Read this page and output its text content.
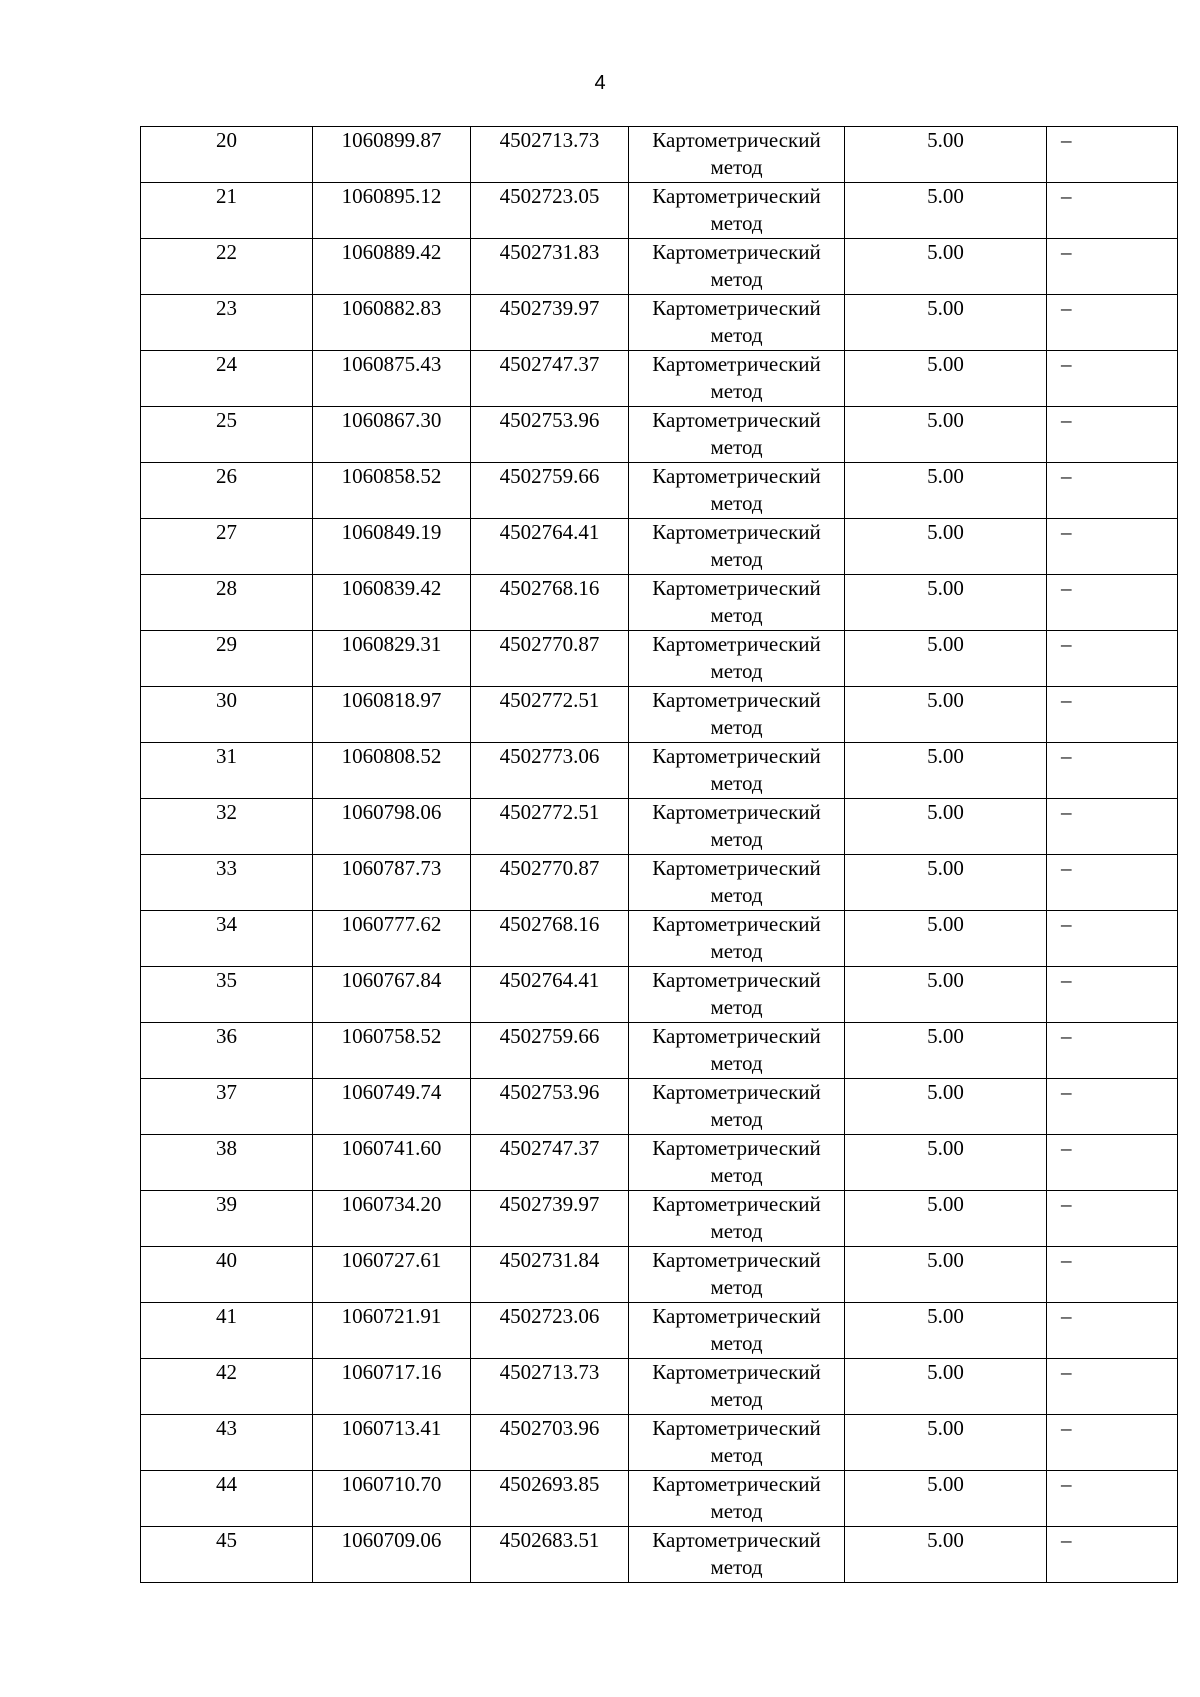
4
20	1060899.87	4502713.73	Картометрический
метод	5.00	–
21	1060895.12	4502723.05	Картометрический
метод	5.00	–
22	1060889.42	4502731.83	Картометрический
метод	5.00	–
23	1060882.83	4502739.97	Картометрический
метод	5.00	–
24	1060875.43	4502747.37	Картометрический
метод	5.00	–
25	1060867.30	4502753.96	Картометрический
метод	5.00	–
26	1060858.52	4502759.66	Картометрический
метод	5.00	–
27	1060849.19	4502764.41	Картометрический
метод	5.00	–
28	1060839.42	4502768.16	Картометрический
метод	5.00	–
29	1060829.31	4502770.87	Картометрический
метод	5.00	–
30	1060818.97	4502772.51	Картометрический
метод	5.00	–
31	1060808.52	4502773.06	Картометрический
метод	5.00	–
32	1060798.06	4502772.51	Картометрический
метод	5.00	–
33	1060787.73	4502770.87	Картометрический
метод	5.00	–
34	1060777.62	4502768.16	Картометрический
метод	5.00	–
35	1060767.84	4502764.41	Картометрический
метод	5.00	–
36	1060758.52	4502759.66	Картометрический
метод	5.00	–
37	1060749.74	4502753.96	Картометрический
метод	5.00	–
38	1060741.60	4502747.37	Картометрический
метод	5.00	–
39	1060734.20	4502739.97	Картометрический
метод	5.00	–
40	1060727.61	4502731.84	Картометрический
метод	5.00	–
41	1060721.91	4502723.06	Картометрический
метод	5.00	–
42	1060717.16	4502713.73	Картометрический
метод	5.00	–
43	1060713.41	4502703.96	Картометрический
метод	5.00	–
44	1060710.70	4502693.85	Картометрический
метод	5.00	–
45	1060709.06	4502683.51	Картометрический
метод	5.00	–
